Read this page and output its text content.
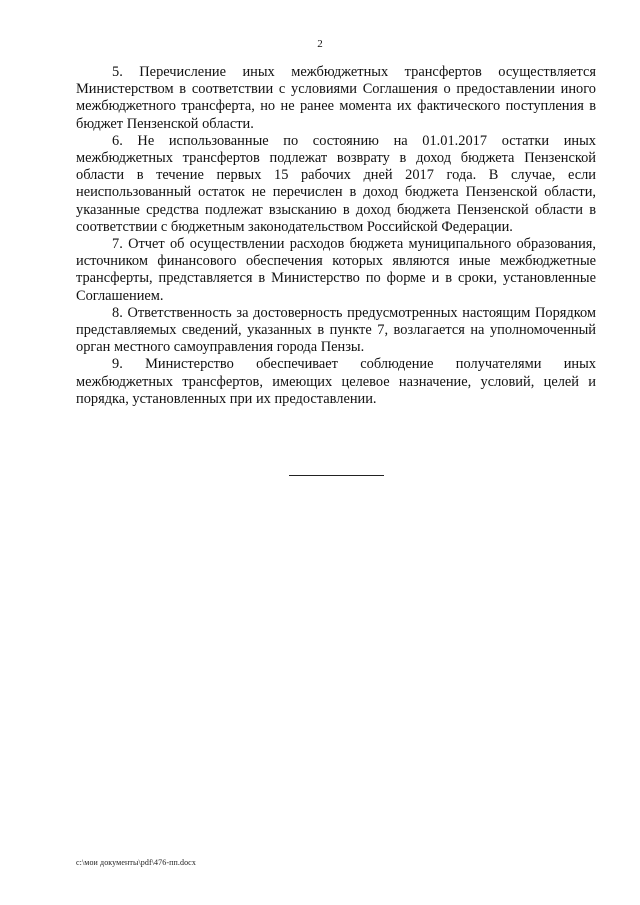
2

5. Перечисление иных межбюджетных трансфертов осуществляется Министерством в соответствии с условиями Соглашения о предоставлении иного межбюджетного трансферта, но не ранее момента их фактического поступления в бюджет Пензенской области.

6. Не использованные по состоянию на 01.01.2017 остатки иных межбюджетных трансфертов подлежат возврату в доход бюджета Пензенской области в течение первых 15 рабочих дней 2017 года. В случае, если неиспользованный остаток не перечислен в доход бюджета Пензенской области, указанные средства подлежат взысканию в доход бюджета Пензенской области в соответствии с бюджетным законодательством Российской Федерации.

7. Отчет об осуществлении расходов бюджета муниципального образования, источником финансового обеспечения которых являются иные межбюджетные трансферты, представляется в Министерство по форме и в сроки, установленные Соглашением.

8. Ответственность за достоверность предусмотренных настоящим Порядком представляемых сведений, указанных в пункте 7, возлагается на уполномоченный орган местного самоуправления города Пензы.

9. Министерство обеспечивает соблюдение получателями иных межбюджетных трансфертов, имеющих целевое назначение, условий, целей и порядка, установленных при их предоставлении.

c:\мои документы\pdf\476-пп.docx
